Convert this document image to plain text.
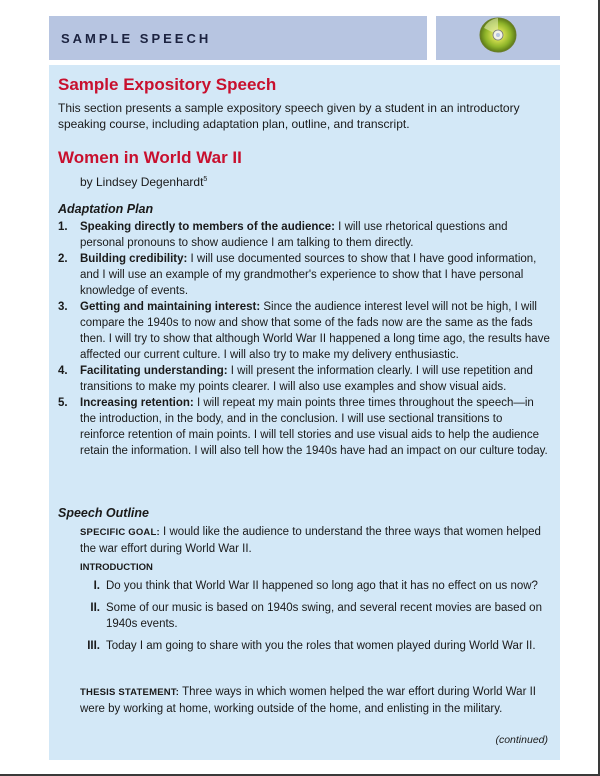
SAMPLE SPEECH
Sample Expository Speech

This section presents a sample expository speech given by a student in an introductory speaking course, including adaptation plan, outline, and transcript.

Women in World War II

by Lindsey Degenhardt$^5$

Adaptation Plan
1. Speaking directly to members of the audience: I will use rhetorical questions and personal pronouns to show audience I am talking to them directly.
2. Building credibility: I will use documented sources to show that I have good information, and I will use an example of my grandmother's experience to show that I have personal knowledge of events.
3. Getting and maintaining interest: Since the audience interest level will not be high, I will compare the 1940s to now and show that some of the fads now are the same as the fads then. I will try to show that although World War II happened a long time ago, the results have affected our current culture. I will also try to make my delivery enthusiastic.
4. Facilitating understanding: I will present the information clearly. I will use repetition and transitions to make my points clearer. I will also use examples and show visual aids.
5. Increasing retention: I will repeat my main points three times throughout the speech—in the introduction, in the body, and in the conclusion. I will use sectional transitions to reinforce retention of main points. I will tell stories and use visual aids to help the audience retain the information. I will also tell how the 1940s have had an impact on our culture today.
Speech Outline

SPECIFIC GOAL: I would like the audience to understand the three ways that women helped the war effort during World War II.

INTRODUCTION

I. Do you think that World War II happened so long ago that it has no effect on us now?
II. Some of our music is based on 1940s swing, and several recent movies are based on 1940s events.
III. Today I am going to share with you the roles that women played during World War II.

THESIS STATEMENT: Three ways in which women helped the war effort during World War II were by working at home, working outside of the home, and enlisting in the military.

(continued)
